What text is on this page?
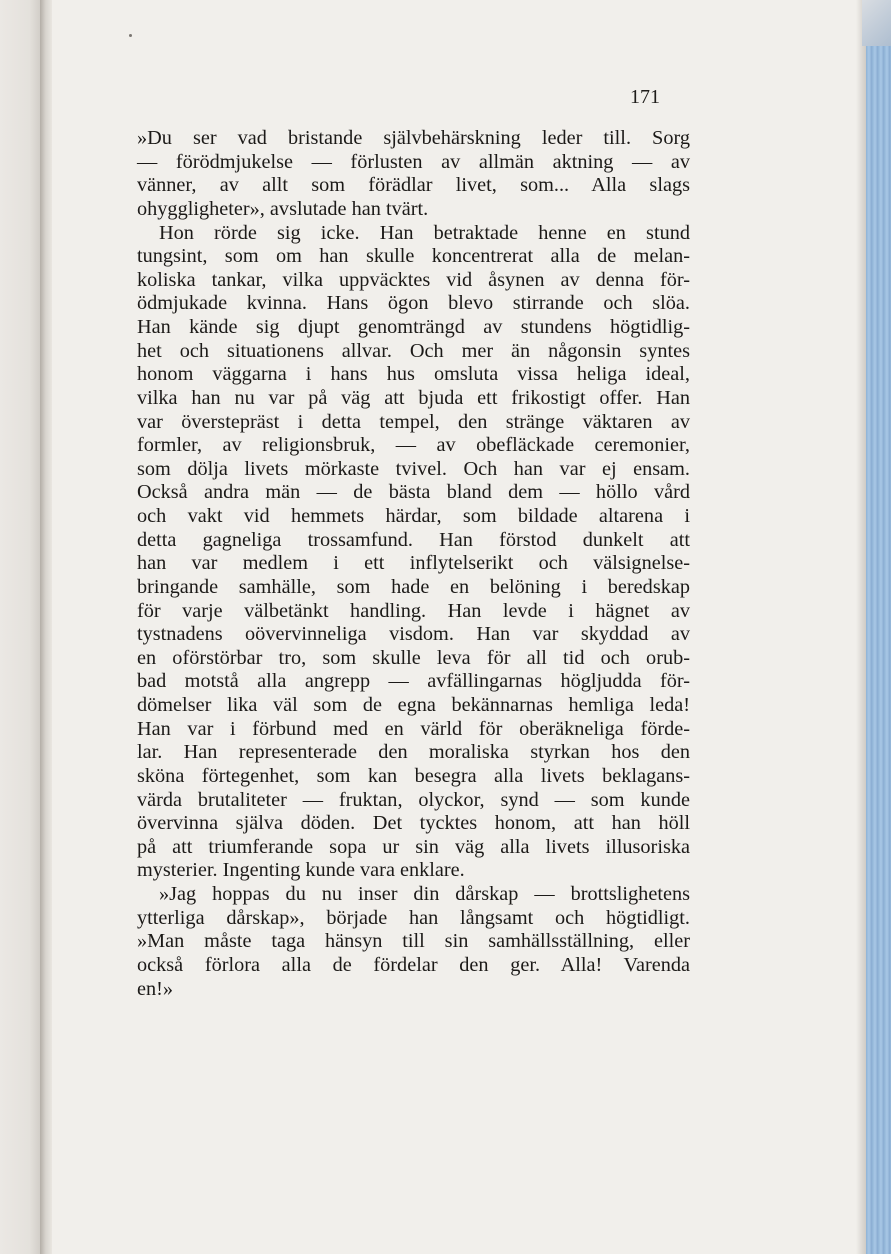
171
»Du ser vad bristande självbehärskning leder till. Sorg
— förödmjukelse — förlusten av allmän aktning — av
vänner, av allt som förädlar livet, som... Alla slags
ohyggligheter», avslutade han tvärt.
Hon rörde sig icke. Han betraktade henne en stund
tungsint, som om han skulle koncentrerat alla de melan-
koliska tankar, vilka uppväcktes vid åsynen av denna för-
ödmjukade kvinna. Hans ögon blevo stirrande och slöa.
Han kände sig djupt genomträngd av stundens högtidlig-
het och situationens allvar. Och mer än någonsin syntes
honom väggarna i hans hus omsluta vissa heliga ideal,
vilka han nu var på väg att bjuda ett frikostigt offer. Han
var överstepräst i detta tempel, den stränge väktaren av
formler, av religionsbruk, — av obefläckade ceremonier,
som dölja livets mörkaste tvivel. Och han var ej ensam.
Också andra män — de bästa bland dem — höllo vård
och vakt vid hemmets härdar, som bildade altarena i
detta gagneliga trossamfund. Han förstod dunkelt att
han var medlem i ett inflytelserikt och välsignelse-
bringande samhälle, som hade en belöning i beredskap
för varje välbetänkt handling. Han levde i hägnet av
tystnadens oövervinneliga visdom. Han var skyddad av
en oförstörbar tro, som skulle leva för all tid och orub-
bad motstå alla angrepp — avfällingarnas högljudda för-
dömelser lika väl som de egna bekännarnas hemliga leda!
Han var i förbund med en värld för oberäkneliga förde-
lar. Han representerade den moraliska styrkan hos den
sköna förtegenhet, som kan besegra alla livets beklagans-
värda brutaliteter — fruktan, olyckor, synd — som kunde
övervinna själva döden. Det tycktes honom, att han höll
på att triumferande sopa ur sin väg alla livets illusoriska
mysterier. Ingenting kunde vara enklare.
»Jag hoppas du nu inser din dårskap — brottslighetens
ytterliga dårskap», började han långsamt och högtidligt.
»Man måste taga hänsyn till sin samhällsställning, eller
också förlora alla de fördelar den ger. Alla! Varenda
en!»
